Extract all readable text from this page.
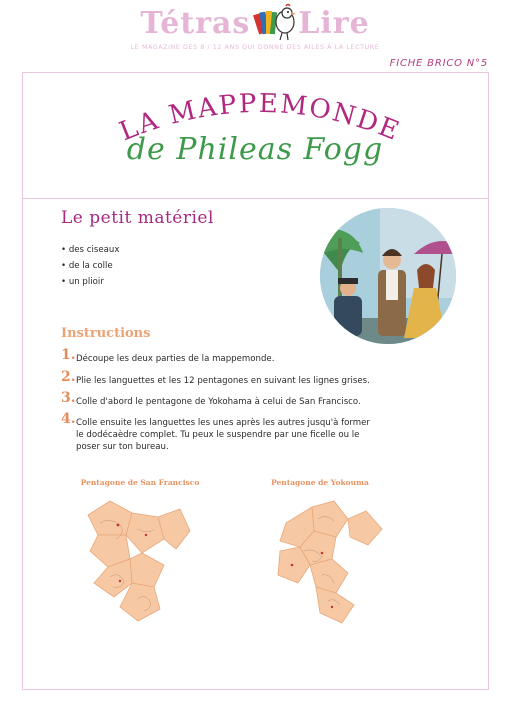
Tétras Lire
LE MAGAZINE DES 8 / 12 ANS QUI DONNE DES AILES À LA LECTURE
FICHE BRICO N°5
LA MAPPEMONDE
de Phileas Fogg
Le petit matériel
• des ciseaux
• de la colle
• un plioir
Instructions
1. Découpe les deux parties de la mappemonde.
2. Plie les languettes et les 12 pentagones en suivant les lignes grises.
3. Colle d'abord le pentagone de Yokohama à celui de San Francisco.
4. Colle ensuite les languettes les unes après les autres jusqu'à former le dodécaèdre complet. Tu peux le suspendre par une ficelle ou le poser sur ton bureau.
Pentagone de San Francisco	Pentagone de Yokouma
